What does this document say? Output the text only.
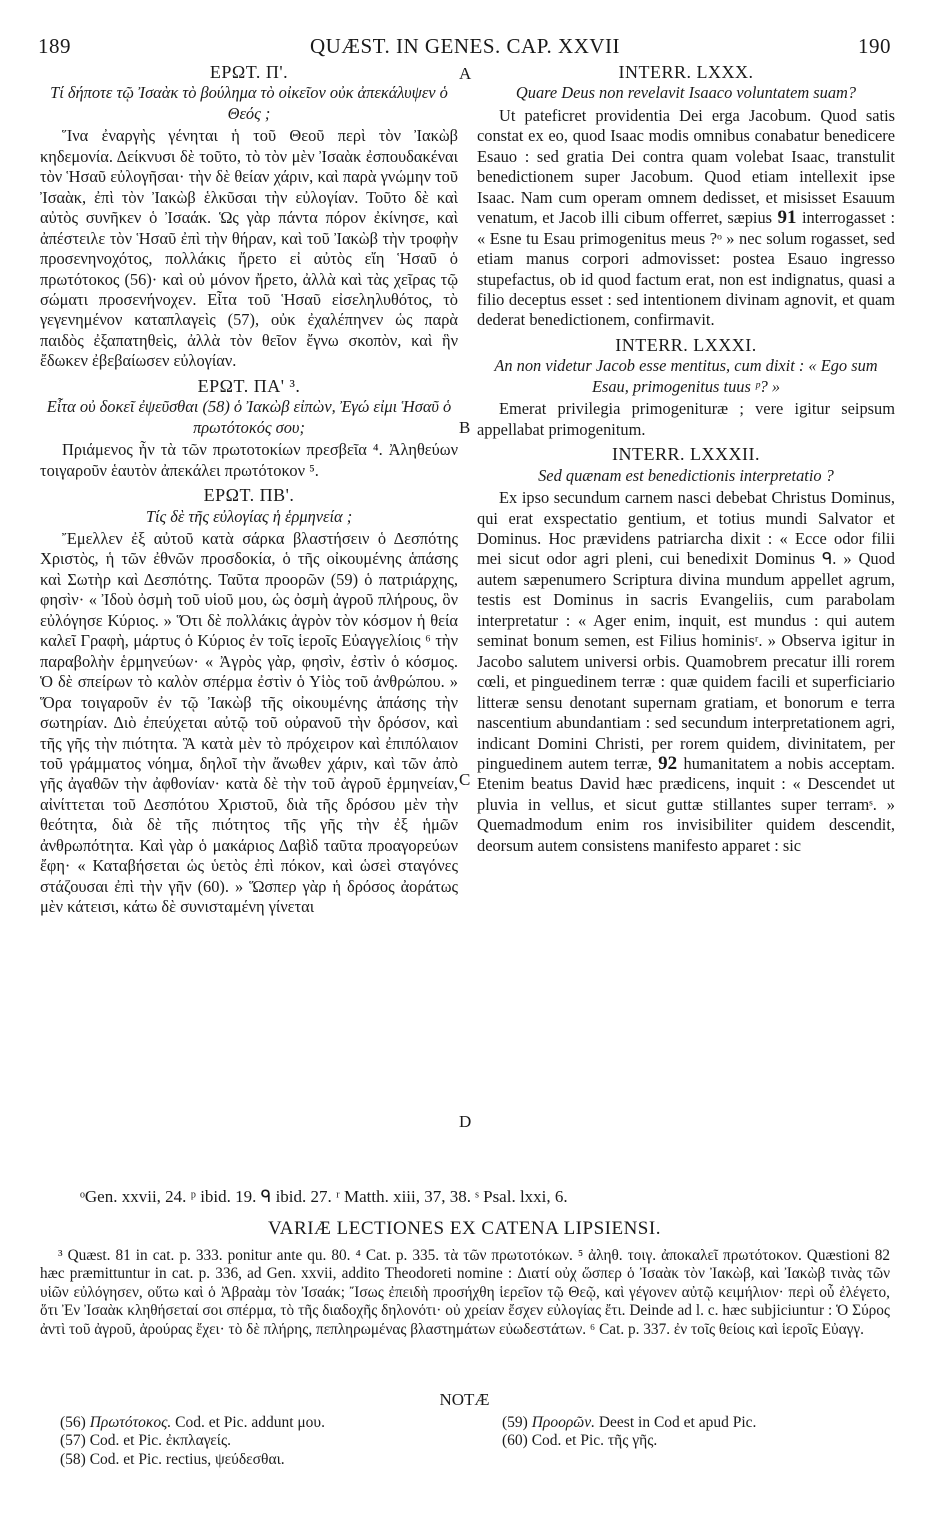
189	QUÆST. IN GENES. CAP. XXVII	190

ΕΡΩΤ. Π'.

Τί δήποτε τῷ Ἰσαὰκ τὸ βούλημα τὸ οἰκεῖον οὐκ ἀπεκάλυψεν ὁ Θεός ;

Ἵνα ἐναργὴς γένηται ἡ τοῦ Θεοῦ περὶ τὸν Ἰακὼβ κηδεμονία. Δείκνυσι δὲ τοῦτο, τὸ τὸν μὲν Ἰσαὰκ ἐσπουδακέναι τὸν Ἡσαῦ εὐλογῆσαι· τὴν δὲ θείαν χάριν, καὶ παρὰ γνώμην τοῦ Ἰσαὰκ, ἐπὶ τὸν Ἰακὼβ ἑλκῦσαι τὴν εὐλογίαν. Τοῦτο δὲ καὶ αὐτὸς συνῆκεν ὁ Ἰσαάκ. Ὡς γὰρ πάντα πόρον ἐκίνησε, καὶ ἀπέστειλε τὸν Ἡσαῦ ἐπὶ τὴν θήραν, καὶ τοῦ Ἰακὼβ τὴν τροφὴν προσενηνοχότος, πολλάκις ἤρετο εἰ αὐτὸς εἴη Ἡσαῦ ὁ πρωτότοκος (56)· καὶ οὐ μόνον ἤρετο, ἀλλὰ καὶ τὰς χεῖρας τῷ σώματι προσενήνοχεν. Εἶτα τοῦ Ἡσαῦ εἰσεληλυθότος, τὸ γεγενημένον καταπλαγεὶς (57), οὐκ ἐχαλέπηνεν ὡς παρὰ παιδὸς ἐξαπατηθεὶς, ἀλλὰ τὸν θεῖον ἔγνω σκοπὸν, καὶ ἣν ἔδωκεν ἐβεβαίωσεν εὐλογίαν.

ΕΡΩΤ. ΠΑ' ³.

Εἶτα οὐ δοκεῖ ἐψεῦσθαι (58) ὁ Ἰακὼβ εἰπὼν, Ἐγώ εἰμι Ἡσαῦ ὁ πρωτότοκός σου;

Πριάμενος ἦν τὰ τῶν πρωτοτοκίων πρεσβεῖα ⁴. Ἀληθεύων τοιγαροῦν ἑαυτὸν ἀπεκάλει πρωτότοκον ⁵.

ΕΡΩΤ. ΠΒ'.

Τίς δὲ τῆς εὐλογίας ἡ ἑρμηνεία ;

Ἔμελλεν ἐξ αὐτοῦ κατὰ σάρκα βλαστήσειν ὁ Δεσπότης Χριστὸς, ἡ τῶν ἐθνῶν προσδοκία, ὁ τῆς οἰκουμένης ἁπάσης καὶ Σωτὴρ καὶ Δεσπότης. Ταῦτα προορῶν (59) ὁ πατριάρχης, φησὶν· « Ἰδοὺ ὀσμὴ τοῦ υἱοῦ μου, ὡς ὀσμὴ ἀγροῦ πλήρους, ὃν εὐλόγησε Κύριος. » Ὅτι δὲ πολλάκις ἀγρὸν τὸν κόσμον ἡ θεία καλεῖ Γραφὴ, μάρτυς ὁ Κύριος ἐν τοῖς ἱεροῖς Εὐαγγελίοις ⁶ τὴν παραβολὴν ἑρμηνεύων· « Ἀγρὸς γὰρ, φησὶν, ἐστὶν ὁ κόσμος. Ὁ δὲ σπείρων τὸ καλὸν σπέρμα ἐστὶν ὁ Υἱὸς τοῦ ἀνθρώπου. » Ὅρα τοιγαροῦν ἐν τῷ Ἰακὼβ τῆς οἰκουμένης ἁπάσης τὴν σωτηρίαν. Διὸ ἐπεύχεται αὐτῷ τοῦ οὐρανοῦ τὴν δρόσον, καὶ τῆς γῆς τὴν πιότητα. Ἃ κατὰ μὲν τὸ πρόχειρον καὶ ἐπιπόλαιον τοῦ γράμματος νόημα, δηλοῖ τὴν ἄνωθεν χάριν, καὶ τῶν ἀπὸ γῆς ἀγαθῶν τὴν ἀφθονίαν· κατὰ δὲ τὴν τοῦ ἀγροῦ ἑρμηνείαν, αἰνίττεται τοῦ Δεσπότου Χριστοῦ, διὰ τῆς δρόσου μὲν τὴν θεότητα, διὰ δὲ τῆς πιότητος τῆς γῆς τὴν ἐξ ἡμῶν ἀνθρωπότητα. Καὶ γὰρ ὁ μακάριος Δαβὶδ ταῦτα προαγορεύων ἔφη· « Καταβήσεται ὡς ὑετὸς ἐπὶ πόκον, καὶ ὡσεὶ σταγόνες στάζουσαι ἐπὶ τὴν γῆν (60). » Ὥσπερ γὰρ ἡ δρόσος ἀοράτως μὲν κάτεισι, κάτω δὲ συνισταμένη γίνεται

INTERR. LXXX.

Quare Deus non revelavit Isaaco voluntatem suam?

Ut pateficret providentia Dei erga Jacobum. Quod satis constat ex eo, quod Isaac modis omnibus conabatur benedicere Esauo : sed gratia Dei contra quam volebat Isaac, transtulit benedictionem super Jacobum. Quod etiam intellexit ipse Isaac. Nam cum operam omnem dedisset, et misisset Esauum venatum, et Jacob illi cibum offerret, sæpius 91 interrogasset : « Esne tu Esau primogenitus meus ?ᵒ » nec solum rogasset, sed etiam manus corpori admovisset: postea Esauo ingresso stupefactus, ob id quod factum erat, non est indignatus, quasi a filio deceptus esset : sed intentionem divinam agnovit, et quam dederat benedictionem, confirmavit.

INTERR. LXXXI.

An non videtur Jacob esse mentitus, cum dixit : « Ego sum Esau, primogenitus tuus ᵖ? »

Emerat privilegia primogenituræ ; vere igitur seipsum appellabat primogenitum.

INTERR. LXXXII.

Sed quænam est benedictionis interpretatio ?

Ex ipso secundum carnem nasci debebat Christus Dominus, qui erat exspectatio gentium, et totius mundi Salvator et Dominus. Hoc prævidens patriarcha dixit : « Ecce odor filii mei sicut odor agri pleni, cui benedixit Dominus ᑫ. » Quod autem sæpenumero Scriptura divina mundum appellet agrum, testis est Dominus in sacris Evangeliis, cum parabolam interpretatur : « Ager enim, inquit, est mundus : qui autem seminat bonum semen, est Filius hominisʳ. » Observa igitur in Jacobo salutem universi orbis. Quamobrem precatur illi rorem cœli, et pinguedinem terræ : quæ quidem facili et superficiario litteræ sensu denotant supernam gratiam, et bonorum e terra nascentium abundantiam : sed secundum interpretationem agri, indicant Domini Christi, per rorem quidem, divinitatem, per pinguedinem autem terræ, 92 humanitatem a nobis acceptam. Etenim beatus David hæc prædicens, inquit : « Descendet ut pluvia in vellus, et sicut guttæ stillantes super terramˢ. » Quemadmodum enim ros invisibiliter quidem descendit, deorsum autem consistens manifesto apparet : sic

A
B
C
D
ᵒGen. xxvii, 24. ᵖ ibid. 19. ᑫ ibid. 27. ʳ Matth. xiii, 37, 38. ˢ Psal. lxxi, 6.
VARIÆ LECTIONES EX CATENA LIPSIENSI.

³ Quæst. 81 in cat. p. 333. ponitur ante qu. 80. ⁴ Cat. p. 335. τὰ τῶν πρωτοτόκων. ⁵ ἀληθ. τοιγ. ἀποκαλεῖ πρωτότοκον. Quæstioni 82 hæc præmittuntur in cat. p. 336, ad Gen. xxvii, addito Theodoreti nomine : Διατί οὐχ ὥσπερ ὁ Ἰσαὰκ τὸν Ἰακὼβ, καὶ Ἰακὼβ τινὰς τῶν υἱῶν εὐλόγησεν, οὕτω καὶ ὁ Ἀβραὰμ τὸν Ἰσαάκ; Ἴσως ἐπειδὴ προσήχθη ἱερεῖον τῷ Θεῷ, καὶ γέγονεν αὐτῷ κειμήλιον· περὶ οὗ ἐλέγετο, ὅτι Ἐν Ἰσαὰκ κληθήσεταί σοι σπέρμα, τὸ τῆς διαδοχῆς δηλονότι· οὐ χρείαν ἔσχεν εὐλογίας ἔτι. Deinde ad l. c. hæc subjiciuntur : Ὁ Σύρος ἀντὶ τοῦ ἀγροῦ, ἀρούρας ἔχει· τὸ δὲ πλήρης, πεπληρωμένας βλαστημάτων εὐωδεστάτων. ⁶ Cat. p. 337. ἐν τοῖς θείοις καὶ ἱεροῖς Εὐαγγ.

NOTÆ
(56) Πρωτότοκος. Cod. et Pic. addunt μου.
(57) Cod. et Pic. ἐκπλαγείς.
(58) Cod. et Pic. rectius, ψεύδεσθαι.
(59) Προορῶν. Deest in Cod et apud Pic.
(60) Cod. et Pic. τῆς γῆς.
